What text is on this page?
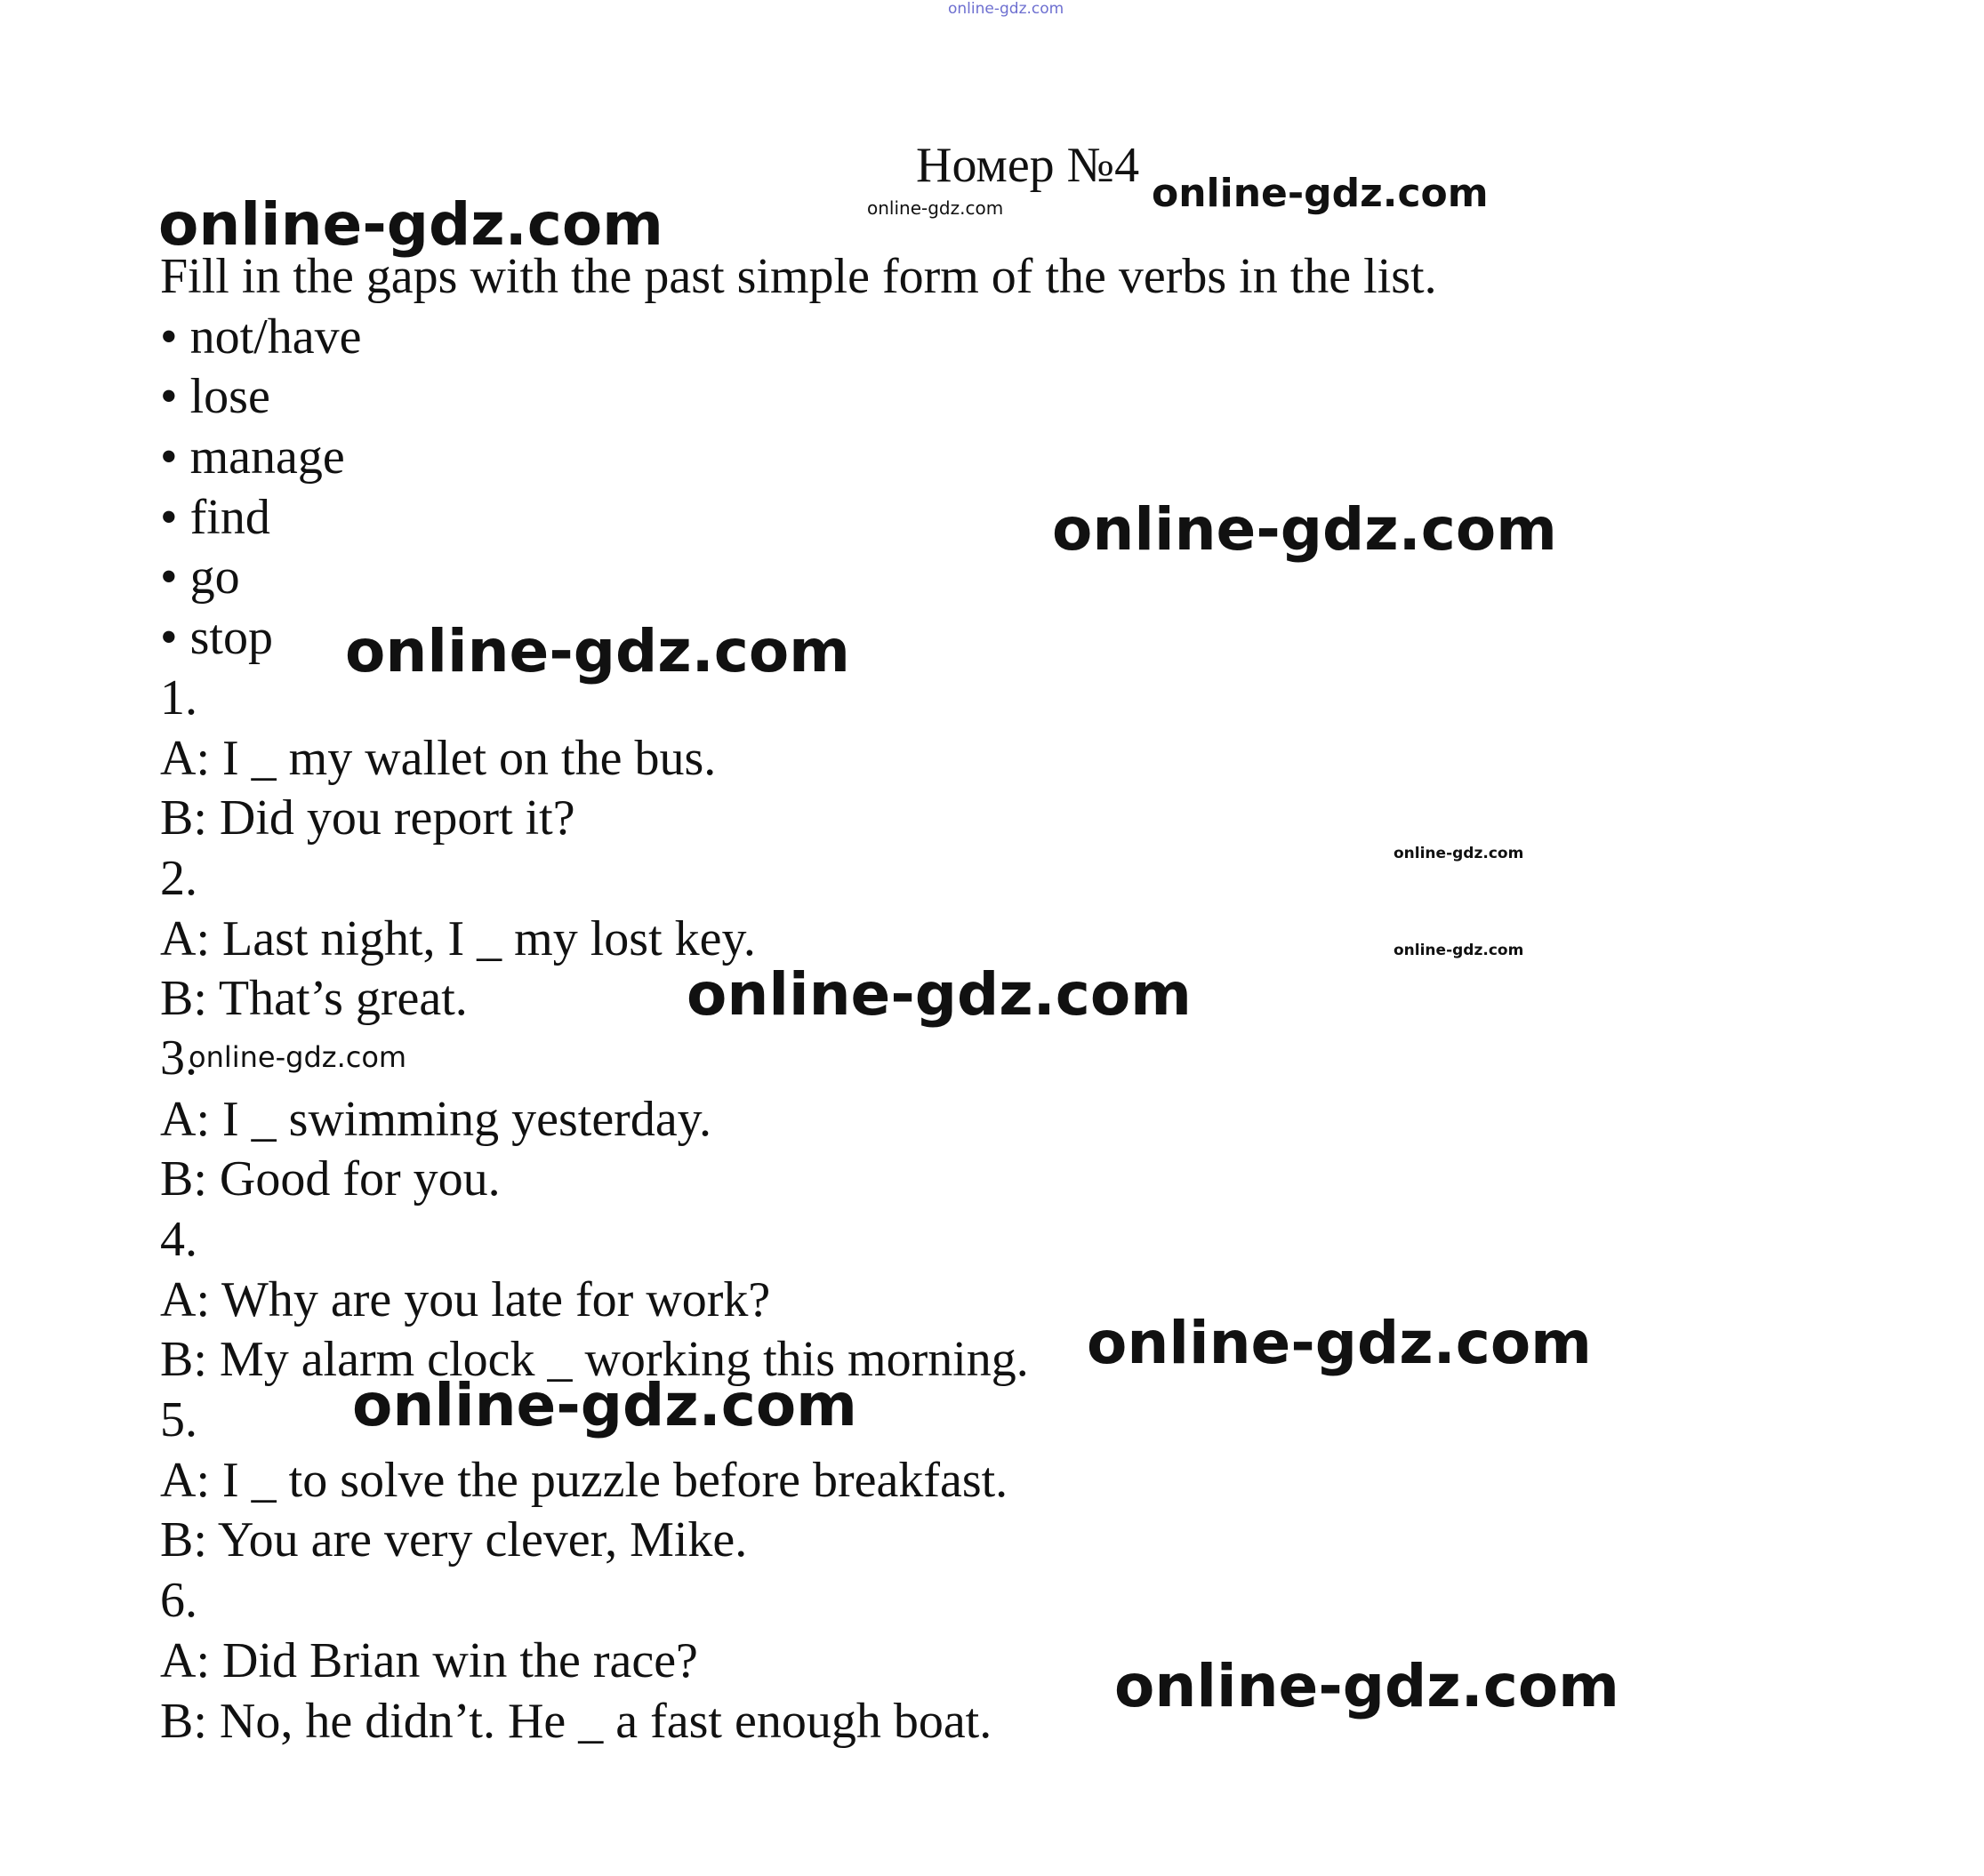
online-gdz.com
online-gdz.com	online-gdz.com	online-gdz.com
online-gdz.com
online-gdz.com
online-gdz.com
online-gdz.com
online-gdz.com
online-gdz.com
online-gdz.com
online-gdz.com
online-gdz.com
Номер №4
Fill in the gaps with the past simple form of the verbs in the list.
• not/have
• lose
• manage
• find
• go
• stop
1.
A: I _ my wallet on the bus.
B: Did you report it?
2.
A: Last night, I _ my lost key.
B: That’s great.
A: I _ swimming yesterday.
B: Good for you.
4.
A: Why are you late for work?
B: My alarm clock _ working this morning.
5.
A: I _ to solve the puzzle before breakfast.
B: You are very clever, Mike.
6.
A: Did Brian win the race?
B: No, he didn’t. He _ a fast enough boat.
3.
